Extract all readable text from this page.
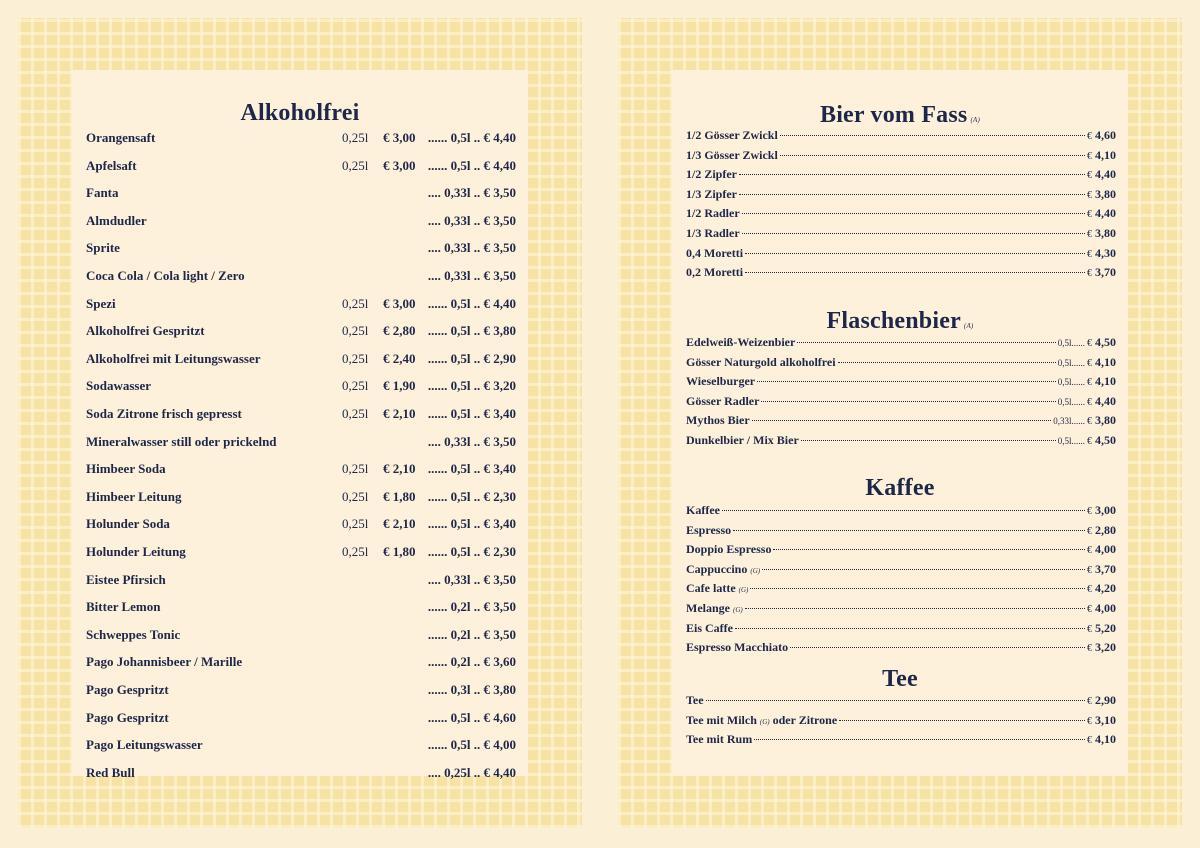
Alkoholfrei
Orangensaft	0,25l € 3,00 ...... 0,5l .. € 4,40
Apfelsaft	0,25l € 3,00 ...... 0,5l .. € 4,40
Fanta	.... 0,33l .. € 3,50
Almdudler	.... 0,33l .. € 3,50
Sprite	.... 0,33l .. € 3,50
Coca Cola / Cola light / Zero	.... 0,33l .. € 3,50
Spezi	0,25l € 3,00 ...... 0,5l .. € 4,40
Alkoholfrei Gespritzt	0,25l € 2,80 ...... 0,5l .. € 3,80
Alkoholfrei mit Leitungswasser	0,25l € 2,40 ...... 0,5l .. € 2,90
Sodawasser	0,25l € 1,90 ...... 0,5l .. € 3,20
Soda Zitrone frisch gepresst	0,25l € 2,10 ...... 0,5l .. € 3,40
Mineralwasser still oder prickelnd	.... 0,33l .. € 3,50
Himbeer Soda	0,25l € 2,10 ...... 0,5l .. € 3,40
Himbeer Leitung	0,25l € 1,80 ...... 0,5l .. € 2,30
Holunder Soda	0,25l € 2,10 ...... 0,5l .. € 3,40
Holunder Leitung	0,25l € 1,80 ...... 0,5l .. € 2,30
Eistee Pfirsich	.... 0,33l .. € 3,50
Bitter Lemon	...... 0,2l .. € 3,50
Schweppes Tonic	...... 0,2l .. € 3,50
Pago Johannisbeer / Marille	...... 0,2l .. € 3,60
Pago Gespritzt	...... 0,3l .. € 3,80
Pago Gespritzt	...... 0,5l .. € 4,60
Pago Leitungswasser	...... 0,5l .. € 4,00
Red Bull	.... 0,25l .. € 4,40
Bier vom Fass (A)
1/2 Gösser Zwickl	€ 4,60
1/3 Gösser Zwickl	€ 4,10
1/2 Zipfer	€ 4,40
1/3 Zipfer	€ 3,80
1/2 Radler	€ 4,40
1/3 Radler	€ 3,80
0,4 Moretti	€ 4,30
0,2 Moretti	€ 3,70
Flaschenbier (A)
Edelweiß-Weizenbier	0,5l...... € 4,50
Gösser Naturgold alkoholfrei	0,5l...... € 4,10
Wieselburger	0,5l...... € 4,10
Gösser Radler	0,5l...... € 4,40
Mythos Bier	0,33l...... € 3,80
Dunkelbier / Mix Bier	0,5l...... € 4,50
Kaffee
Kaffee	€ 3,00
Espresso	€ 2,80
Doppio Espresso	€ 4,00
Cappuccino (G)	€ 3,70
Cafe latte (G)	€ 4,20
Melange (G)	€ 4,00
Eis Caffe	€ 5,20
Espresso Macchiato	€ 3,20
Tee
Tee	€ 2,90
Tee mit Milch (G) oder Zitrone	€ 3,10
Tee mit Rum	€ 4,10
